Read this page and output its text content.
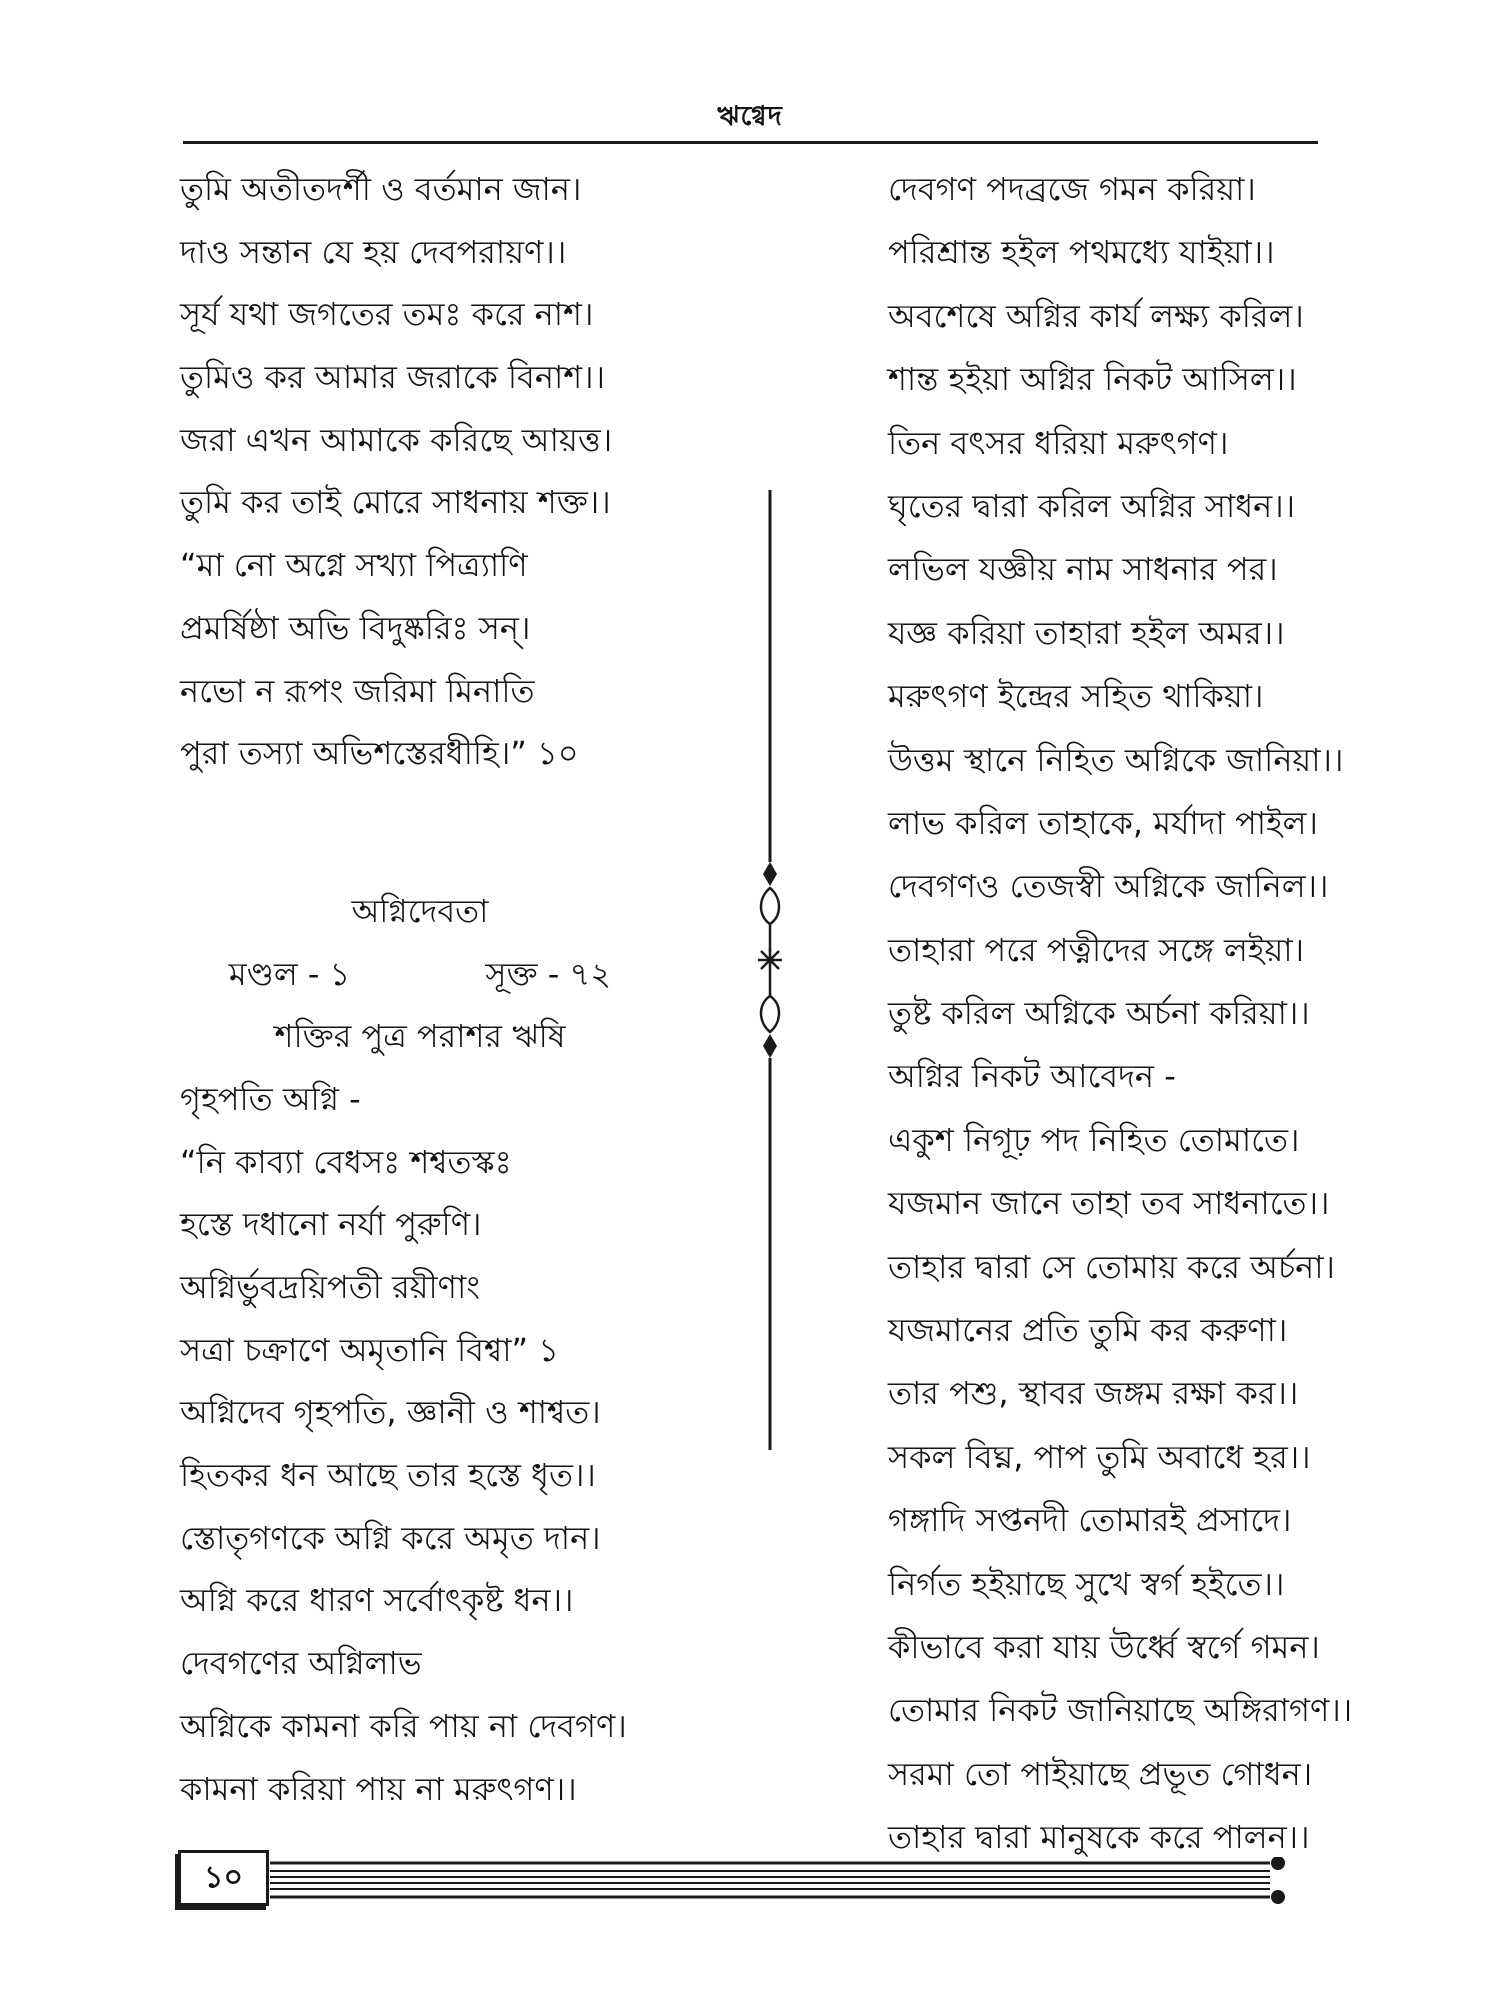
ঋগ্বেদ
তুমি অতীতদর্শী ও বর্তমান জান।
দাও সন্তান যে হয় দেবপরায়ণ।।
সূর্য যথা জগতের তমঃ করে নাশ।
তুমিও কর আমার জরাকে বিনাশ।।
জরা এখন আমাকে করিছে আয়ত্ত।
তুমি কর তাই মোরে সাধনায় শক্ত।।
“মা নো অগ্নে সখ্যা পিত্র্যাণি
প্রমর্ষিষ্ঠা অভি বিদুষ্করিঃ সন্।
নভো ন রূপং জরিমা মিনাতি
পুরা তস্যা অভিশস্তেরধীহি।” ১০
অগ্নিদেবতা
মণ্ডল - ১	সূক্ত - ৭২
শক্তির পুত্র পরাশর ঋষি
গৃহপতি অগ্নি -
“নি কাব্যা বেধসঃ শশ্বতস্কঃ
হস্তে দধানো নর্যা পুরুণি।
অগ্নির্ভুবদ্রয়িপতী রয়ীণাং
সত্রা চক্রাণে অমৃতানি বিশ্বা” ১
অগ্নিদেব গৃহপতি, জ্ঞানী ও শাশ্বত।
হিতকর ধন আছে তার হস্তে ধৃত।।
স্তোতৃগণকে অগ্নি করে অমৃত দান।
অগ্নি করে ধারণ সর্বোৎকৃষ্ট ধন।।
দেবগণের অগ্নিলাভ
অগ্নিকে কামনা করি পায় না দেবগণ।
কামনা করিয়া পায় না মরুৎগণ।।
দেবগণ পদব্রজে গমন করিয়া।
পরিশ্রান্ত হইল পথমধ্যে যাইয়া।।
অবশেষে অগ্নির কার্য লক্ষ্য করিল।
শান্ত হইয়া অগ্নির নিকট আসিল।।
তিন বৎসর ধরিয়া মরুৎগণ।
ঘৃতের দ্বারা করিল অগ্নির সাধন।।
লভিল যজ্ঞীয় নাম সাধনার পর।
যজ্ঞ করিয়া তাহারা হইল অমর।।
মরুৎগণ ইন্দ্রের সহিত থাকিয়া।
উত্তম স্থানে নিহিত অগ্নিকে জানিয়া।।
লাভ করিল তাহাকে, মর্যাদা পাইল।
দেবগণও তেজস্বী অগ্নিকে জানিল।।
তাহারা পরে পত্নীদের সঙ্গে লইয়া।
তুষ্ট করিল অগ্নিকে অর্চনা করিয়া।।
অগ্নির নিকট আবেদন -
একুশ নিগূঢ় পদ নিহিত তোমাতে।
যজমান জানে তাহা তব সাধনাতে।।
তাহার দ্বারা সে তোমায় করে অর্চনা।
যজমানের প্রতি তুমি কর করুণা।
তার পশু, স্থাবর জঙ্গম রক্ষা কর।।
সকল বিঘ্ন, পাপ তুমি অবাধে হর।।
গঙ্গাদি সপ্তনদী তোমারই প্রসাদে।
নির্গত হইয়াছে সুখে স্বর্গ হইতে।।
কীভাবে করা যায় উর্ধ্বে স্বর্গে গমন।
তোমার নিকট জানিয়াছে অঙ্গিরাগণ।।
সরমা তো পাইয়াছে প্রভূত গোধন।
তাহার দ্বারা মানুষকে করে পালন।।
১০
